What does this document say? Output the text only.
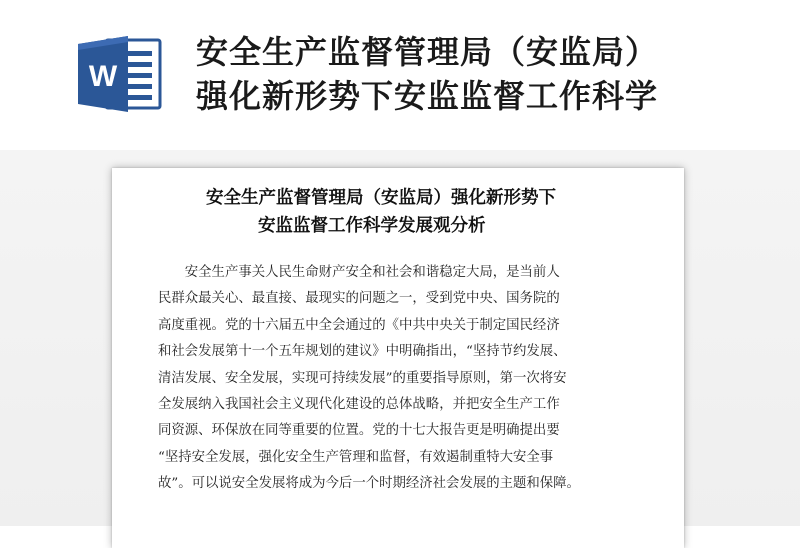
W
安全生产监督管理局（安监局）
强化新形势下安监监督工作科学
安全生产监督管理局（安监局）强化新形势下
安监监督工作科学发展观分析
　　安全生产事关人民生命财产安全和社会和谐稳定大局，是当前人
民群众最关心、最直接、最现实的问题之一，受到党中央、国务院的
高度重视。党的十六届五中全会通过的《中共中央关于制定国民经济
和社会发展第十一个五年规划的建议》中明确指出，“坚持节约发展、
清洁发展、安全发展，实现可持续发展”的重要指导原则，第一次将安
全发展纳入我国社会主义现代化建设的总体战略，并把安全生产工作
同资源、环保放在同等重要的位置。党的十七大报告更是明确提出要
“坚持安全发展，强化安全生产管理和监督，有效遏制重特大安全事
故”。可以说安全发展将成为今后一个时期经济社会发展的主题和保障。
